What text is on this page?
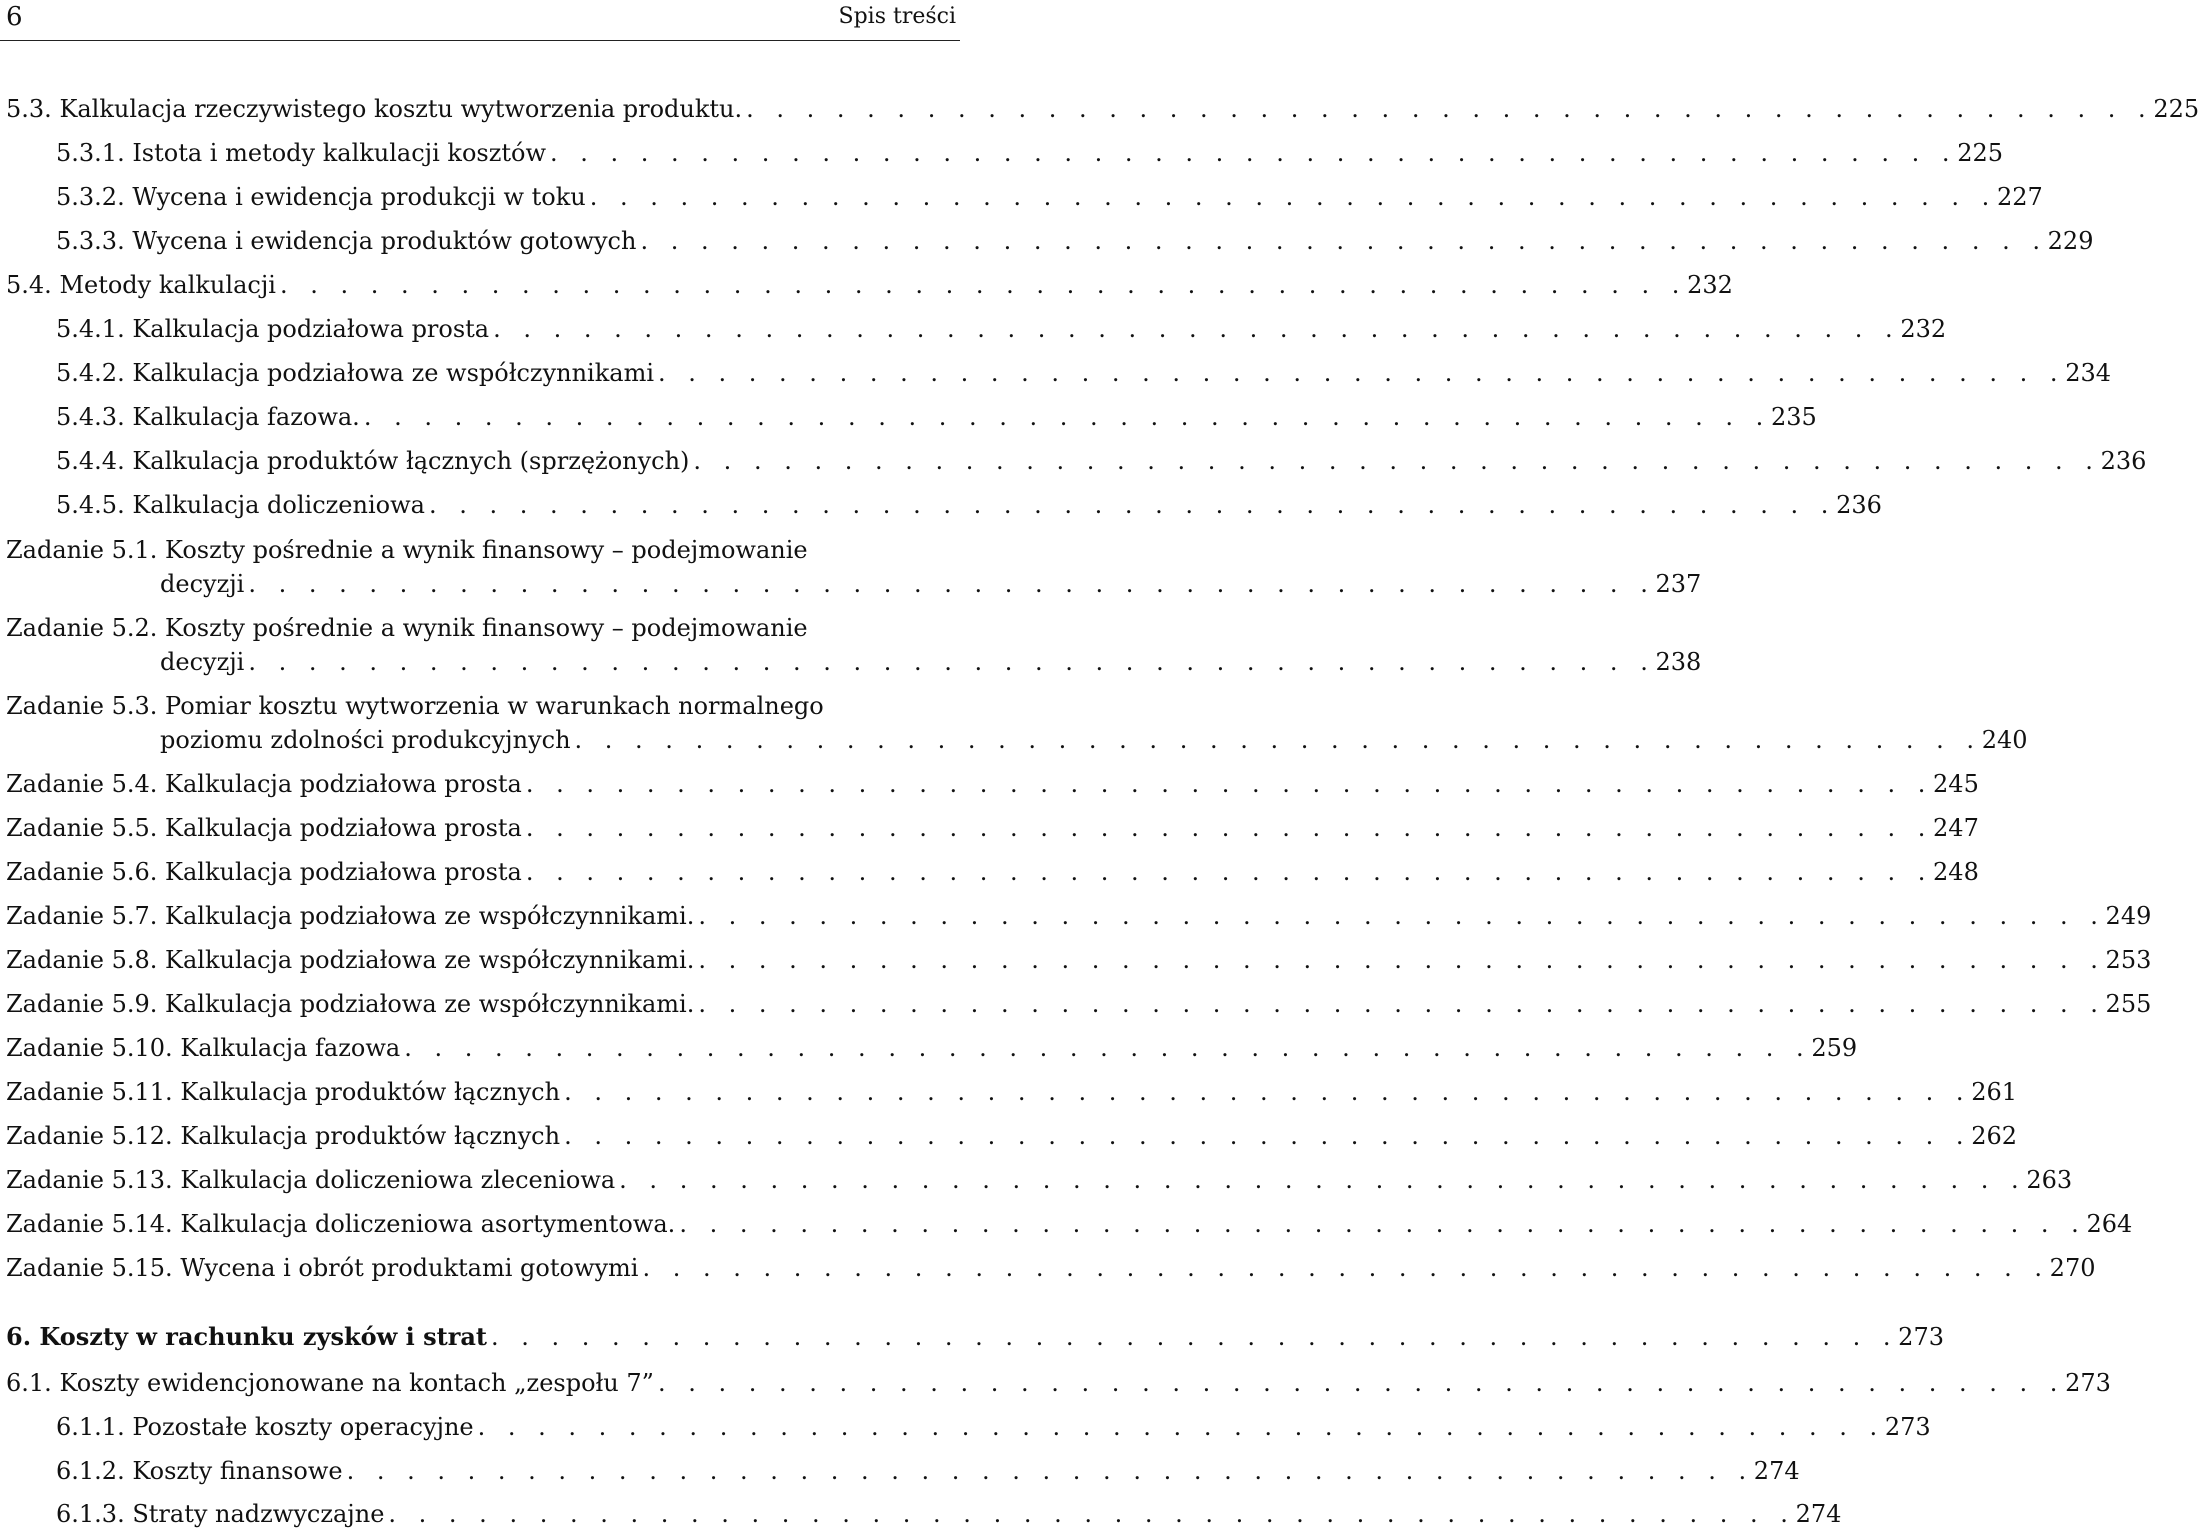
6	Spis treści
5.3. Kalkulacja rzeczywistego kosztu wytworzenia produktu. . . . . . . . . . . . . . . . . . . . . . . . . . . . . . . . . . . . . . . . . . . . . . . . 225
5.3.1. Istota i metody kalkulacji kosztów . . . . . . . . . . . . . . . . . . . . . . . . . . . . . . . . . . . . . . . . . . . . . . . 225
5.3.2. Wycena i ewidencja produkcji w toku . . . . . . . . . . . . . . . . . . . . . . . . . . . . . . . . . . . . . . . . . . . . . . . 227
5.3.3. Wycena i ewidencja produktów gotowych . . . . . . . . . . . . . . . . . . . . . . . . . . . . . . . . . . . . . . . . . . . . . . . 229
5.4. Metody kalkulacji . . . . . . . . . . . . . . . . . . . . . . . . . . . . . . . . . . . . . . . . . . . . . . . 232
5.4.1. Kalkulacja podziałowa prosta . . . . . . . . . . . . . . . . . . . . . . . . . . . . . . . . . . . . . . . . . . . . . . . 232
5.4.2. Kalkulacja podziałowa ze współczynnikami . . . . . . . . . . . . . . . . . . . . . . . . . . . . . . . . . . . . . . . . . . . . . . . 234
5.4.3. Kalkulacja fazowa. . . . . . . . . . . . . . . . . . . . . . . . . . . . . . . . . . . . . . . . . . . . . . . . 235
5.4.4. Kalkulacja produktów łącznych (sprzężonych) . . . . . . . . . . . . . . . . . . . . . . . . . . . . . . . . . . . . . . . . . . . . . . . 236
5.4.5. Kalkulacja doliczeniowa . . . . . . . . . . . . . . . . . . . . . . . . . . . . . . . . . . . . . . . . . . . . . . . 236
Zadanie 5.1. Koszty pośrednie a wynik finansowy – podejmowanie
decyzji . . . . . . . . . . . . . . . . . . . . . . . . . . . . . . . . . . . . . . . . . . . . . . . 237
Zadanie 5.2. Koszty pośrednie a wynik finansowy – podejmowanie
decyzji . . . . . . . . . . . . . . . . . . . . . . . . . . . . . . . . . . . . . . . . . . . . . . . 238
Zadanie 5.3. Pomiar kosztu wytworzenia w warunkach normalnego
poziomu zdolności produkcyjnych . . . . . . . . . . . . . . . . . . . . . . . . . . . . . . . . . . . . . . . . . . . . . . . 240
Zadanie 5.4. Kalkulacja podziałowa prosta . . . . . . . . . . . . . . . . . . . . . . . . . . . . . . . . . . . . . . . . . . . . . . . 245
Zadanie 5.5. Kalkulacja podziałowa prosta . . . . . . . . . . . . . . . . . . . . . . . . . . . . . . . . . . . . . . . . . . . . . . . 247
Zadanie 5.6. Kalkulacja podziałowa prosta . . . . . . . . . . . . . . . . . . . . . . . . . . . . . . . . . . . . . . . . . . . . . . . 248
Zadanie 5.7. Kalkulacja podziałowa ze współczynnikami. . . . . . . . . . . . . . . . . . . . . . . . . . . . . . . . . . . . . . . . . . . . . . . . 249
Zadanie 5.8. Kalkulacja podziałowa ze współczynnikami. . . . . . . . . . . . . . . . . . . . . . . . . . . . . . . . . . . . . . . . . . . . . . . . 253
Zadanie 5.9. Kalkulacja podziałowa ze współczynnikami. . . . . . . . . . . . . . . . . . . . . . . . . . . . . . . . . . . . . . . . . . . . . . . . 255
Zadanie 5.10. Kalkulacja fazowa . . . . . . . . . . . . . . . . . . . . . . . . . . . . . . . . . . . . . . . . . . . . . . . 259
Zadanie 5.11. Kalkulacja produktów łącznych . . . . . . . . . . . . . . . . . . . . . . . . . . . . . . . . . . . . . . . . . . . . . . . 261
Zadanie 5.12. Kalkulacja produktów łącznych . . . . . . . . . . . . . . . . . . . . . . . . . . . . . . . . . . . . . . . . . . . . . . . 262
Zadanie 5.13. Kalkulacja doliczeniowa zleceniowa . . . . . . . . . . . . . . . . . . . . . . . . . . . . . . . . . . . . . . . . . . . . . . . 263
Zadanie 5.14. Kalkulacja doliczeniowa asortymentowa. . . . . . . . . . . . . . . . . . . . . . . . . . . . . . . . . . . . . . . . . . . . . . . . 264
Zadanie 5.15. Wycena i obrót produktami gotowymi . . . . . . . . . . . . . . . . . . . . . . . . . . . . . . . . . . . . . . . . . . . . . . . 270
6. Koszty w rachunku zysków i strat . . . . . . . . . . . . . . . . . . . . . . . . . . . . . . . . . . . . . . . . . . . . . . . 273
6.1. Koszty ewidencjonowane na kontach „zespołu 7” . . . . . . . . . . . . . . . . . . . . . . . . . . . . . . . . . . . . . . . . . . . . . . . 273
6.1.1. Pozostałe koszty operacyjne . . . . . . . . . . . . . . . . . . . . . . . . . . . . . . . . . . . . . . . . . . . . . . . 273
6.1.2. Koszty finansowe . . . . . . . . . . . . . . . . . . . . . . . . . . . . . . . . . . . . . . . . . . . . . . . 274
6.1.3. Straty nadzwyczajne . . . . . . . . . . . . . . . . . . . . . . . . . . . . . . . . . . . . . . . . . . . . . . . 274
